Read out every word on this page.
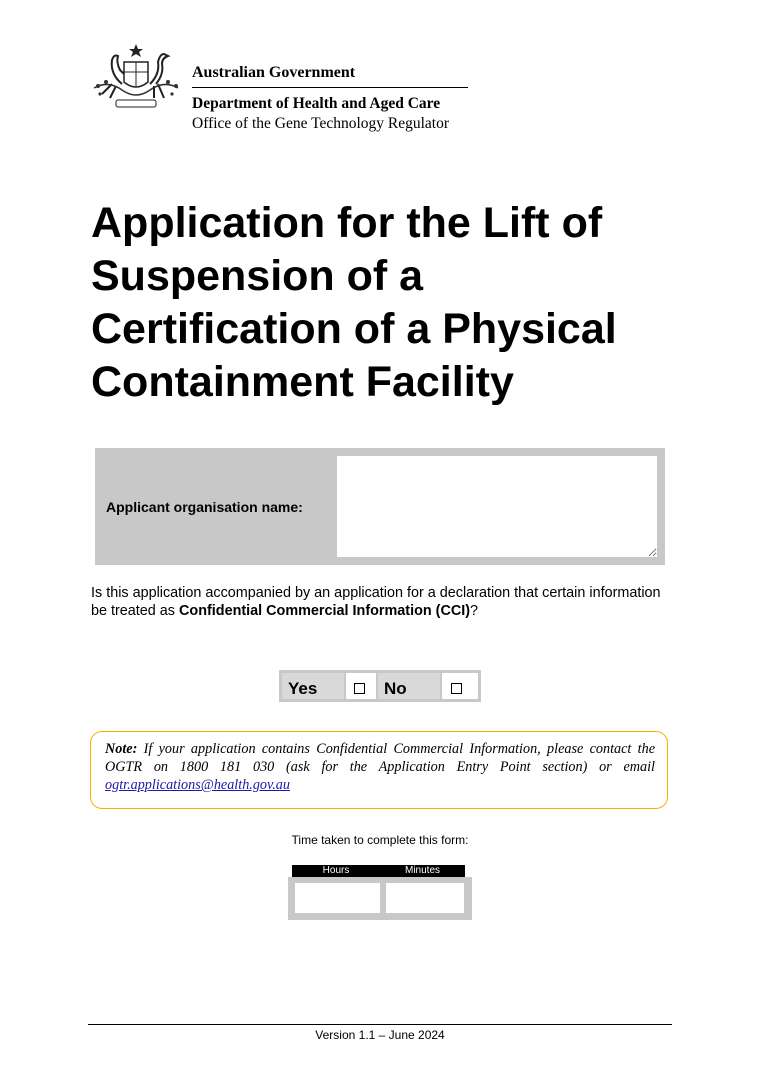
Australian Government
Department of Health and Aged Care
Office of the Gene Technology Regulator
Application for the Lift of
Suspension of a
Certification of a Physical
Containment Facility
Applicant organisation name:

Is this application accompanied by an application for a declaration that certain information be treated as Confidential Commercial Information (CCI)?

Yes	No

Note: If your application contains Confidential Commercial Information, please contact the OGTR on 1800 181 030 (ask for the Application Entry Point section) or email ogtr.applications@health.gov.au

Time taken to complete this form:
Hours	Minutes
Version 1.1 – June 2024
